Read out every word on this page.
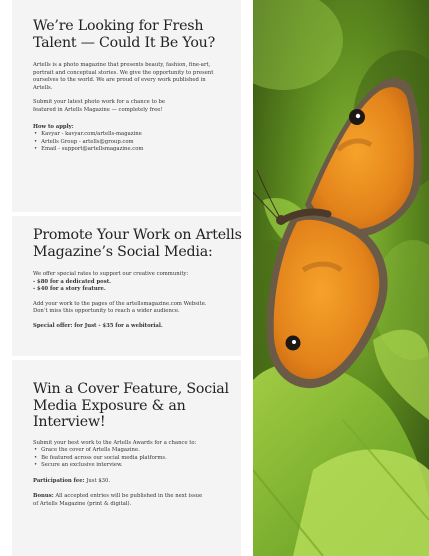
We’re Looking for Fresh
Talent — Could It Be You?

Artells is a photo magazine that presents beauty, fashion, fine-art,
portrait and conceptual stories. We give the opportunity to present
ourselves to the world. We are proud of every work published in
Artells.

Submit your latest photo work for a chance to be
featured in Artells Magazine — completely free!

How to apply:

• Kavyar - kavyar.com/artells-magazine
• Artells Group - artells@group.com
• Email - support@artellsmagazine.com
Promote Your Work on Artells
Magazine’s Social Media:

We offer special rates to support our creative community:

- $80 for a dedicated post.

- $40 for a story feature.

Add your work to the pages of the artellsmagazine.com Website.
Don’t miss this opportunity to reach a wider audience.

Special offer: for Just - $35 for a webitorial.

Win a Cover Feature, Social
Media Exposure & an Interview!

Submit your best work to the Artells Awards for a chance to:

• Grace the cover of Artells Magazine.
• Be featured across our social media platforms.
• Secure an exclusive interview.

Participation fee: Just $30.

Bonus: All accepted entries will be published in the next issue
of Artells Magazine (print & digital).
